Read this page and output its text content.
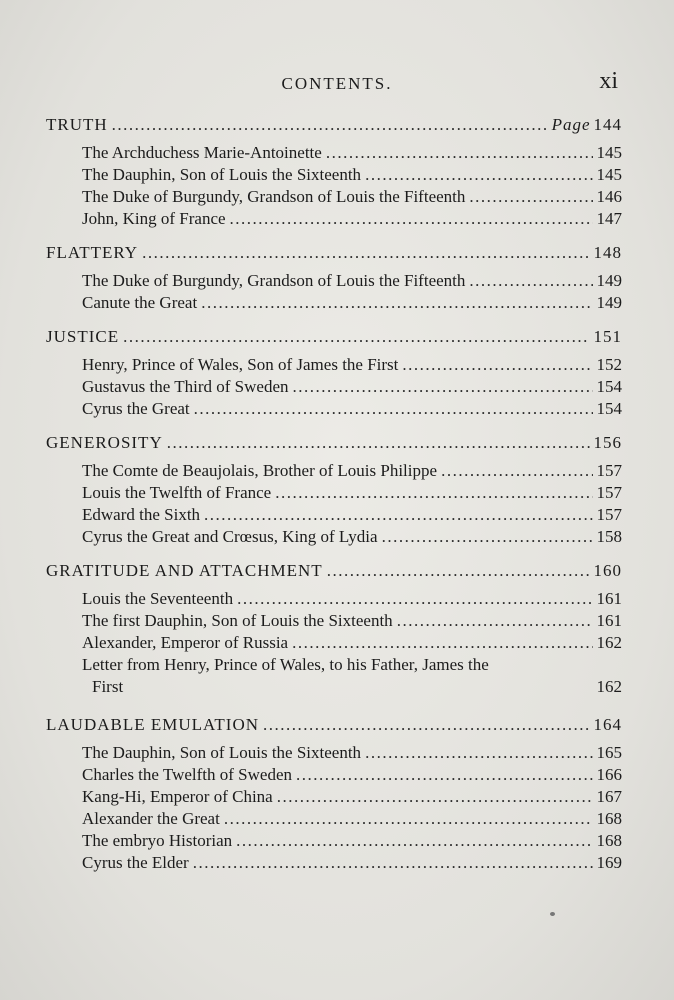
CONTENTS.	xi
TRUTH .....	Page 144
The Archduchess Marie-Antoinette .....	145
The Dauphin, Son of Louis the Sixteenth .....	145
The Duke of Burgundy, Grandson of Louis the Fifteenth .....	146
John, King of France .....	147
FLATTERY .....	148
The Duke of Burgundy, Grandson of Louis the Fifteenth .....	149
Canute the Great .....	149
JUSTICE .....	151
Henry, Prince of Wales, Son of James the First .....	152
Gustavus the Third of Sweden .....	154
Cyrus the Great .....	154
GENEROSITY .....	156
The Comte de Beaujolais, Brother of Louis Philippe .....	157
Louis the Twelfth of France .....	157
Edward the Sixth .....	157
Cyrus the Great and Crœsus, King of Lydia .....	158
GRATITUDE AND ATTACHMENT .....	160
Louis the Seventeenth .....	161
The first Dauphin, Son of Louis the Sixteenth .....	161
Alexander, Emperor of Russia .....	162
Letter from Henry, Prince of Wales, to his Father, James the
First	162
LAUDABLE EMULATION .....	164
The Dauphin, Son of Louis the Sixteenth .....	165
Charles the Twelfth of Sweden .....	166
Kang-Hi, Emperor of China .....	167
Alexander the Great .....	168
The embryo Historian .....	168
Cyrus the Elder .....	169
